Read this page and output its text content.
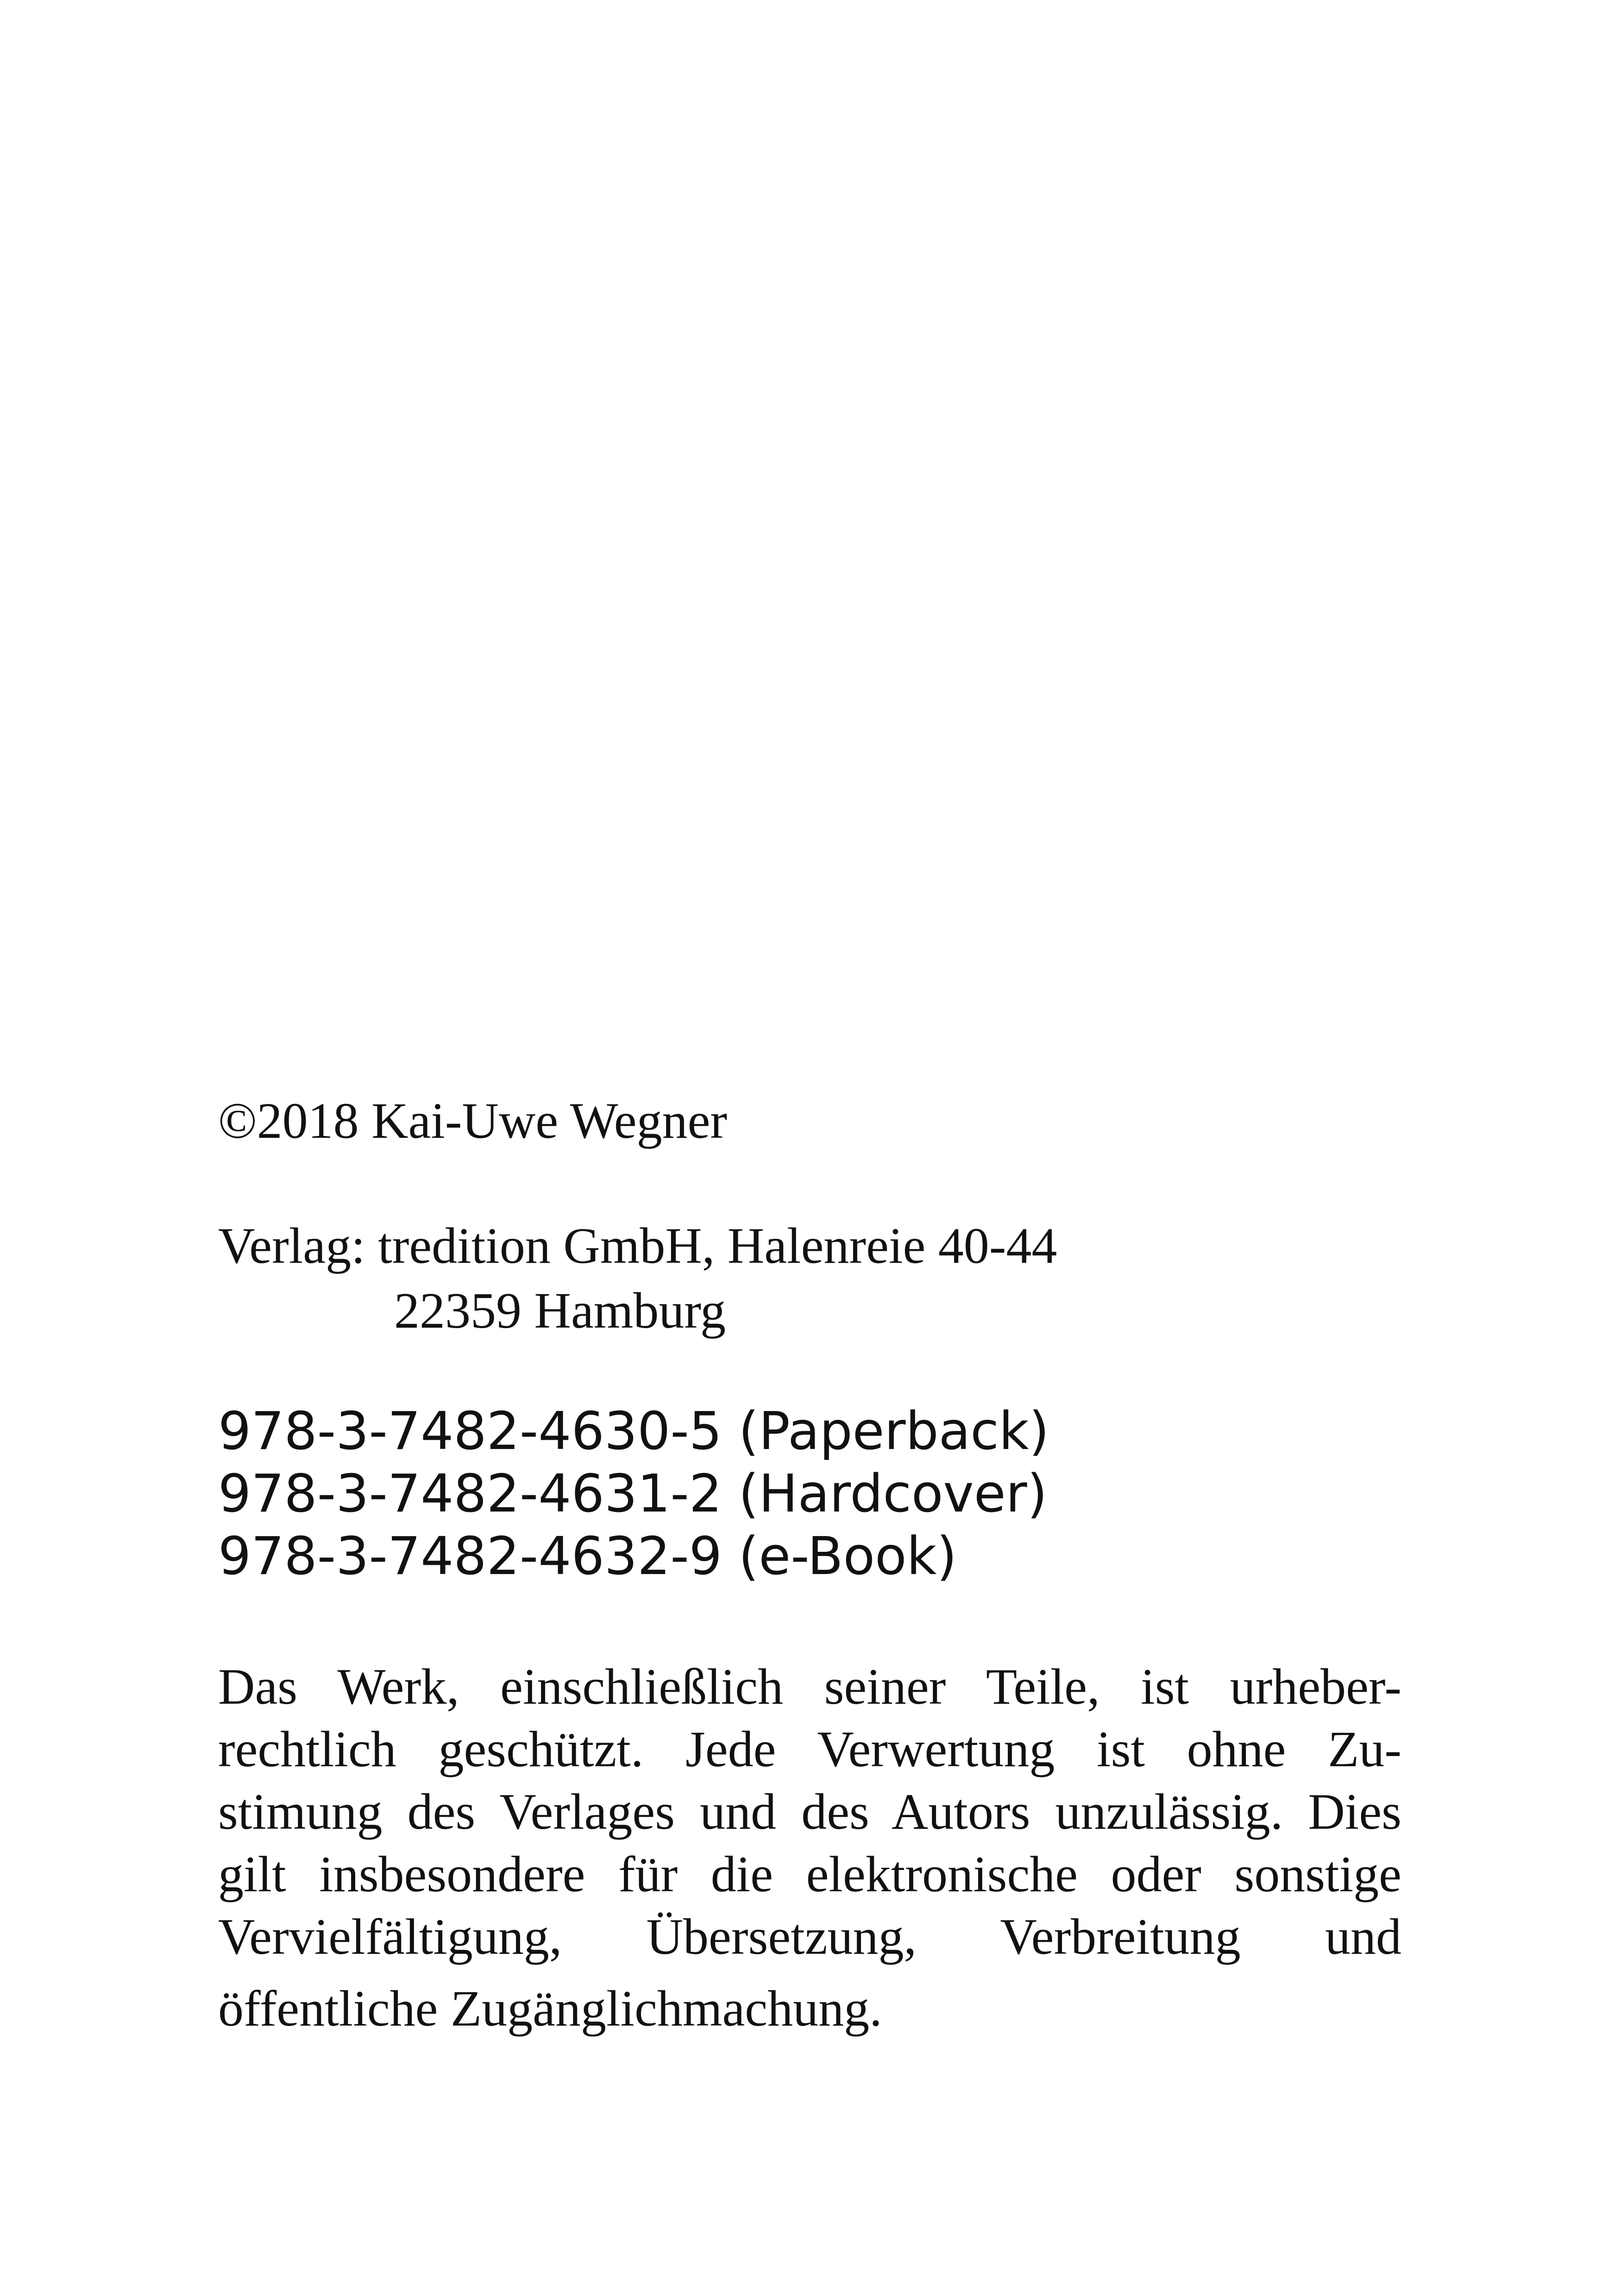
©2018 Kai-Uwe Wegner
Verlag: tredition GmbH, Halenreie 40-44
22359 Hamburg
978-3-7482-4630-5 (Paperback)
978-3-7482-4631-2 (Hardcover)
978-3-7482-4632-9 (e-Book)
Das Werk, einschließlich seiner Teile, ist urheber-
rechtlich geschützt. Jede Verwertung ist ohne Zu-
stimung des Verlages und des Autors unzulässig. Dies
gilt insbesondere für die elektronische oder sonstige
Vervielfältigung, Übersetzung, Verbreitung und
öffentliche Zugänglichmachung.
